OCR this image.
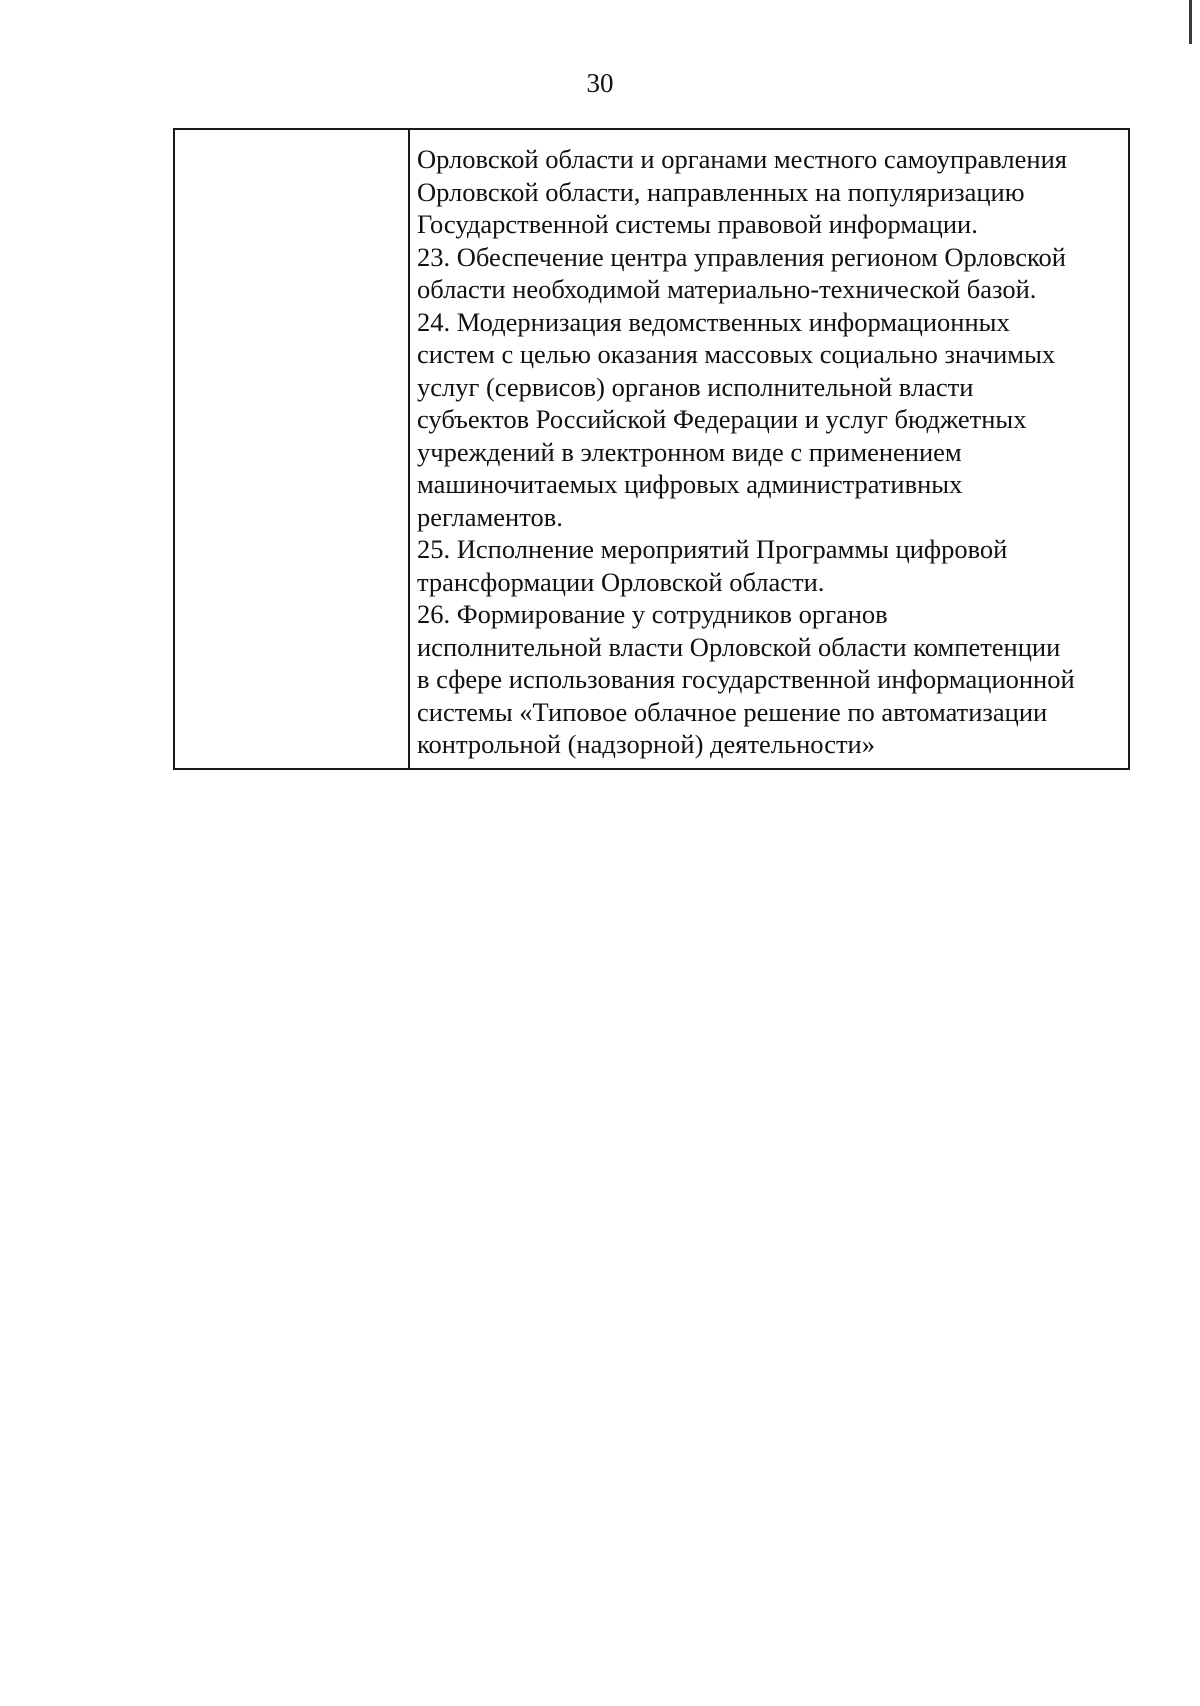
30
Орловской области и органами местного самоуправления
Орловской области, направленных на популяризацию
Государственной системы правовой информации.
23. Обеспечение центра управления регионом Орловской
области необходимой материально-технической базой.
24. Модернизация ведомственных информационных
систем с целью оказания массовых социально значимых
услуг (сервисов) органов исполнительной власти
субъектов Российской Федерации и услуг бюджетных
учреждений в электронном виде с применением
машиночитаемых цифровых административных
регламентов.
25. Исполнение мероприятий Программы цифровой
трансформации Орловской области.
26. Формирование у сотрудников органов
исполнительной власти Орловской области компетенции
в сфере использования государственной информационной
системы «Типовое облачное решение по автоматизации
контрольной (надзорной) деятельности»
